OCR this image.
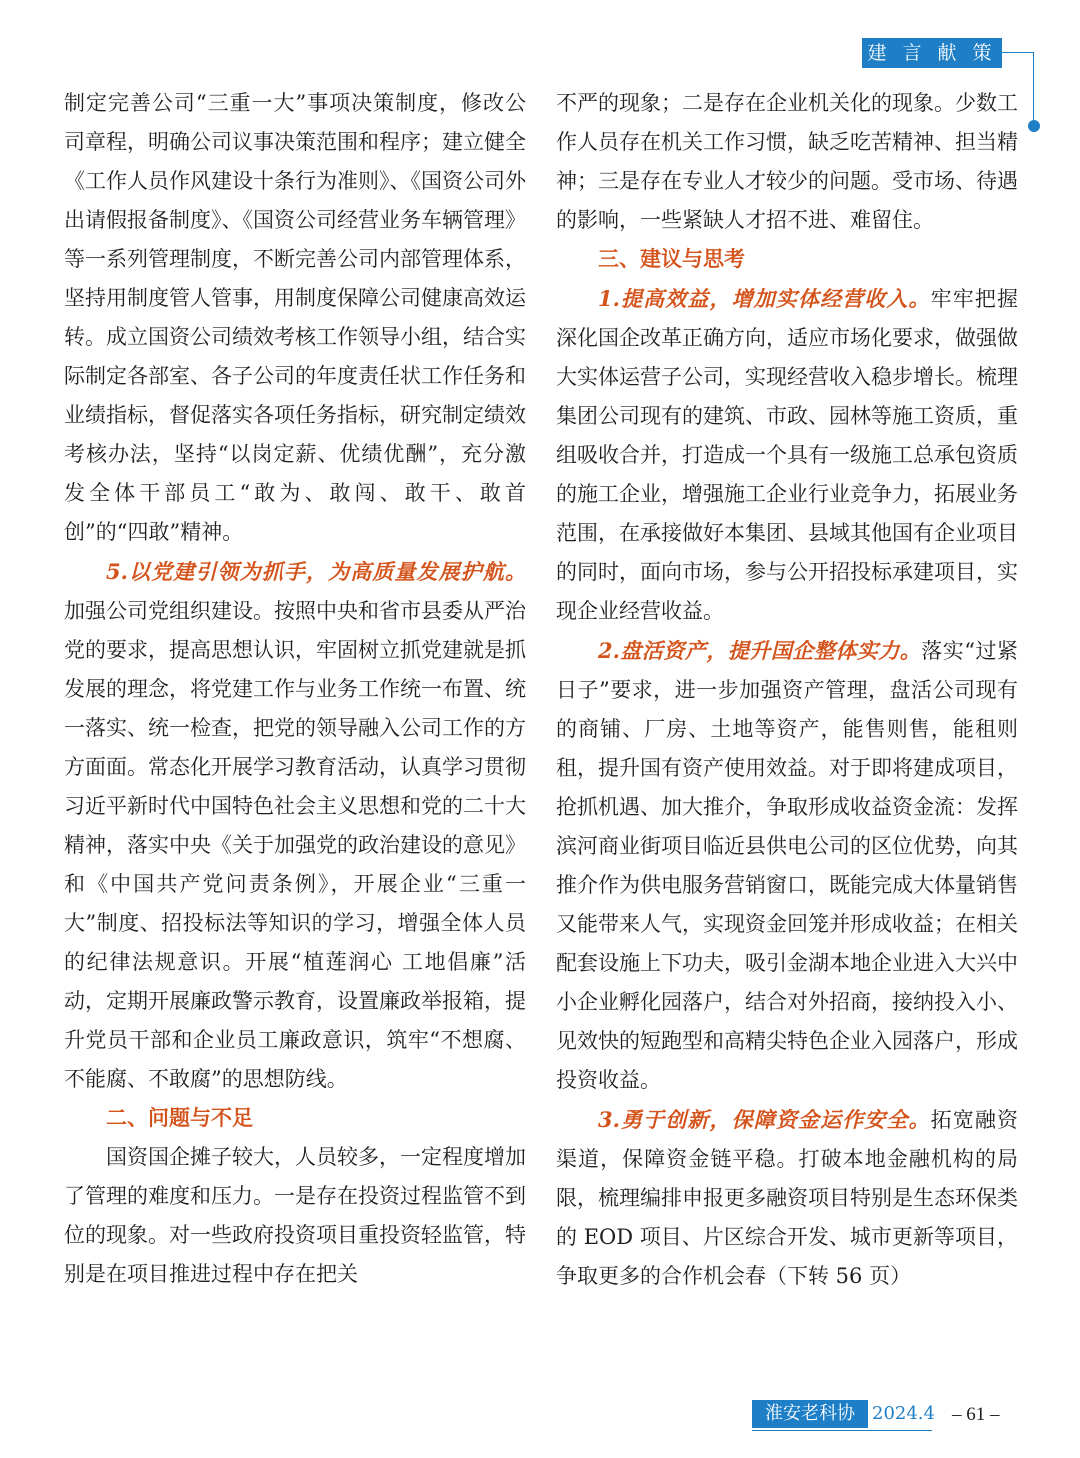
建 言 献 策

制定完善公司“三重一大”事项决策制度，修改公司章程，明确公司议事决策范围和程序；建立健全《工作人员作风建设十条行为准则》、《国资公司外出请假报备制度》、《国资公司经营业务车辆管理》等一系列管理制度，不断完善公司内部管理体系，坚持用制度管人管事，用制度保障公司健康高效运转。成立国资公司绩效考核工作领导小组，结合实际制定各部室、各子公司的年度责任状工作任务和业绩指标，督促落实各项任务指标，研究制定绩效考核办法，坚持“以岗定薪、优绩优酬”，充分激发全体干部员工“敢为、敢闯、敢干、敢首创”的“四敢”精神。

5.以党建引领为抓手，为高质量发展护航。加强公司党组织建设。按照中央和省市县委从严治党的要求，提高思想认识，牢固树立抓党建就是抓发展的理念，将党建工作与业务工作统一布置、统一落实、统一检查，把党的领导融入公司工作的方方面面。常态化开展学习教育活动，认真学习贯彻习近平新时代中国特色社会主义思想和党的二十大精神，落实中央《关于加强党的政治建设的意见》和《中国共产党问责条例》，开展企业“三重一大”制度、招投标法等知识的学习，增强全体人员的纪律法规意识。开展“植莲润心 工地倡廉”活动，定期开展廉政警示教育，设置廉政举报箱，提升党员干部和企业员工廉政意识，筑牢“不想腐、不能腐、不敢腐”的思想防线。

二、问题与不足

国资国企摊子较大，人员较多，一定程度增加了管理的难度和压力。一是存在投资过程监管不到位的现象。对一些政府投资项目重投资轻监管，特别是在项目推进过程中存在把关

不严的现象；二是存在企业机关化的现象。少数工作人员存在机关工作习惯，缺乏吃苦精神、担当精神；三是存在专业人才较少的问题。受市场、待遇的影响，一些紧缺人才招不进、难留住。

三、建议与思考

1.提高效益，增加实体经营收入。牢牢把握深化国企改革正确方向，适应市场化要求，做强做大实体运营子公司，实现经营收入稳步增长。梳理集团公司现有的建筑、市政、园林等施工资质，重组吸收合并，打造成一个具有一级施工总承包资质的施工企业，增强施工企业行业竞争力，拓展业务范围，在承接做好本集团、县域其他国有企业项目的同时，面向市场，参与公开招投标承建项目，实现企业经营收益。

2.盘活资产，提升国企整体实力。落实“过紧日子”要求，进一步加强资产管理，盘活公司现有的商铺、厂房、土地等资产，能售则售，能租则租，提升国有资产使用效益。对于即将建成项目，抢抓机遇、加大推介，争取形成收益资金流：发挥滨河商业街项目临近县供电公司的区位优势，向其推介作为供电服务营销窗口，既能完成大体量销售又能带来人气，实现资金回笼并形成收益；在相关配套设施上下功夫，吸引金湖本地企业进入大兴中小企业孵化园落户，结合对外招商，接纳投入小、见效快的短跑型和高精尖特色企业入园落户，形成投资收益。

3.勇于创新，保障资金运作安全。拓宽融资渠道，保障资金链平稳。打破本地金融机构的局限，梳理编排申报更多融资项目特别是生态环保类的 EOD 项目、片区综合开发、城市更新等项目，争取更多的合作机会春（下转 56 页）

淮安老科协 2024.4 – 61 –
